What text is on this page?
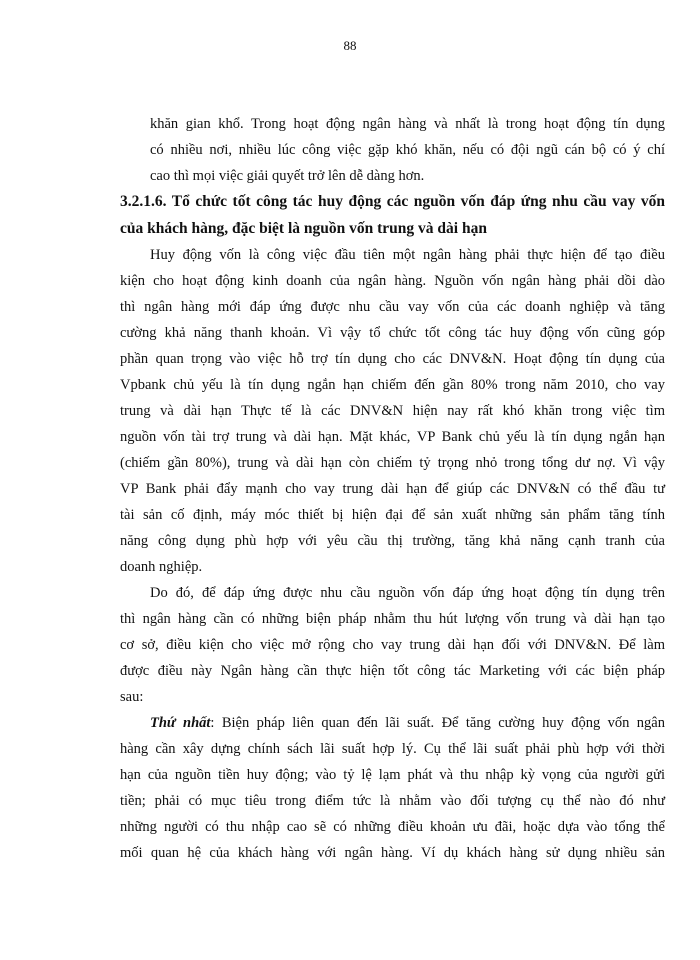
88
khăn gian khổ. Trong hoạt động ngân hàng và nhất là trong hoạt động tín dụng
có nhiều nơi, nhiều lúc công việc gặp khó khăn, nếu có đội ngũ cán bộ có ý chí
cao thì mọi việc giải quyết trở lên dễ dàng hơn.
3.2.1.6. Tổ chức tốt công tác huy động các nguồn vốn đáp ứng nhu cầu vay vốn
của khách hàng, đặc biệt là nguồn vốn trung và dài hạn
Huy động vốn là công việc đầu tiên một ngân hàng phải thực hiện để tạo điều
kiện cho hoạt động kinh doanh của ngân hàng. Nguồn vốn ngân hàng phải dồi dào
thì ngân hàng mới đáp ứng được nhu cầu vay vốn của các doanh nghiệp và tăng
cường khả năng thanh khoản. Vì vậy tổ chức tốt công tác huy động vốn cũng góp
phần quan trọng vào việc hỗ trợ tín dụng cho các DNV&N. Hoạt động tín dụng của
Vpbank chủ yếu là tín dụng ngắn hạn chiếm đến gần 80% trong năm 2010, cho vay
trung và dài hạn Thực tế là các DNV&N hiện nay rất khó khăn trong việc tìm
nguồn vốn tài trợ trung và dài hạn. Mặt khác, VP Bank chủ yếu là tín dụng ngắn hạn
(chiếm gần 80%), trung và dài hạn còn chiếm tỷ trọng nhỏ trong tổng dư nợ. Vì vậy
VP Bank phải đẩy mạnh cho vay trung dài hạn để giúp các DNV&N có thể đầu tư
tài sản cố định, máy móc thiết bị hiện đại để sản xuất những sản phẩm tăng tính
năng công dụng phù hợp với yêu cầu thị trường, tăng khả năng cạnh tranh của
doanh nghiệp.
Do đó, để đáp ứng được nhu cầu nguồn vốn đáp ứng hoạt động tín dụng trên
thì ngân hàng cần có những biện pháp nhằm thu hút lượng vốn trung và dài hạn tạo
cơ sở, điều kiện cho việc mở rộng cho vay trung dài hạn đối với DNV&N. Để làm
được điều này Ngân hàng cần thực hiện tốt công tác Marketing với các biện pháp
sau:
Thứ nhất: Biện pháp liên quan đến lãi suất. Để tăng cường huy động vốn ngân
hàng cần xây dựng chính sách lãi suất hợp lý. Cụ thể lãi suất phải phù hợp với thời
hạn của nguồn tiền huy động; vào tỷ lệ lạm phát và thu nhập kỳ vọng của người gửi
tiền; phải có mục tiêu trong điểm tức là nhằm vào đối tượng cụ thể nào đó như
những người có thu nhập cao sẽ có những điều khoản ưu đãi, hoặc dựa vào tổng thể
mối quan hệ của khách hàng với ngân hàng. Ví dụ khách hàng sử dụng nhiều sản
